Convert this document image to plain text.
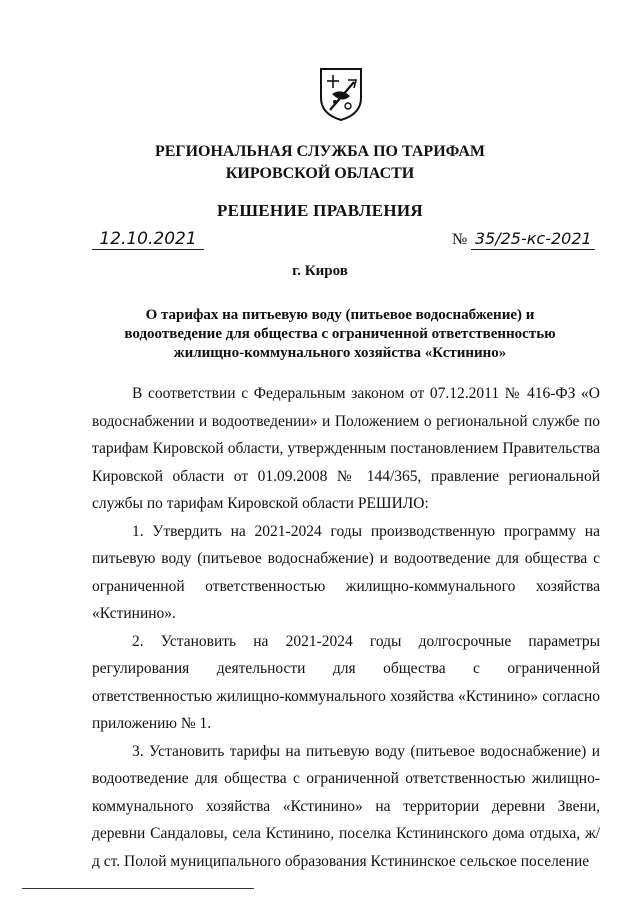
РЕГИОНАЛЬНАЯ СЛУЖБА ПО ТАРИФАМ
КИРОВСКОЙ ОБЛАСТИ
РЕШЕНИЕ ПРАВЛЕНИЯ
12.10.2021	№ 35/25-кс-2021
г. Киров
О тарифах на питьевую воду (питьевое водоснабжение) и
водоотведение для общества с ограниченной ответственностью
жилищно-коммунального хозяйства «Кстинино»

В соответствии с Федеральным законом от 07.12.2011 № 416-ФЗ «О водоснабжении и водоотведении» и Положением о региональной службе по тарифам Кировской области, утвержденным постановлением Правительства Кировской области от 01.09.2008 № 144/365, правление региональной службы по тарифам Кировской области РЕШИЛО:

1. Утвердить на 2021-2024 годы производственную программу на питьевую воду (питьевое водоснабжение) и водоотведение для общества с ограниченной ответственностью жилищно-коммунального хозяйства «Кстинино».

2. Установить на 2021-2024 годы долгосрочные параметры регулирования деятельности для общества с ограниченной ответственностью жилищно-коммунального хозяйства «Кстинино» согласно приложению № 1.

3. Установить тарифы на питьевую воду (питьевое водоснабжение) и водоотведение для общества с ограниченной ответственностью жилищно-коммунального хозяйства «Кстинино» на территории деревни Звени, деревни Сандаловы, села Кстинино, поселка Кстининского дома отдыха, ж/д ст. Полой муниципального образования Кстининское сельское поселение
